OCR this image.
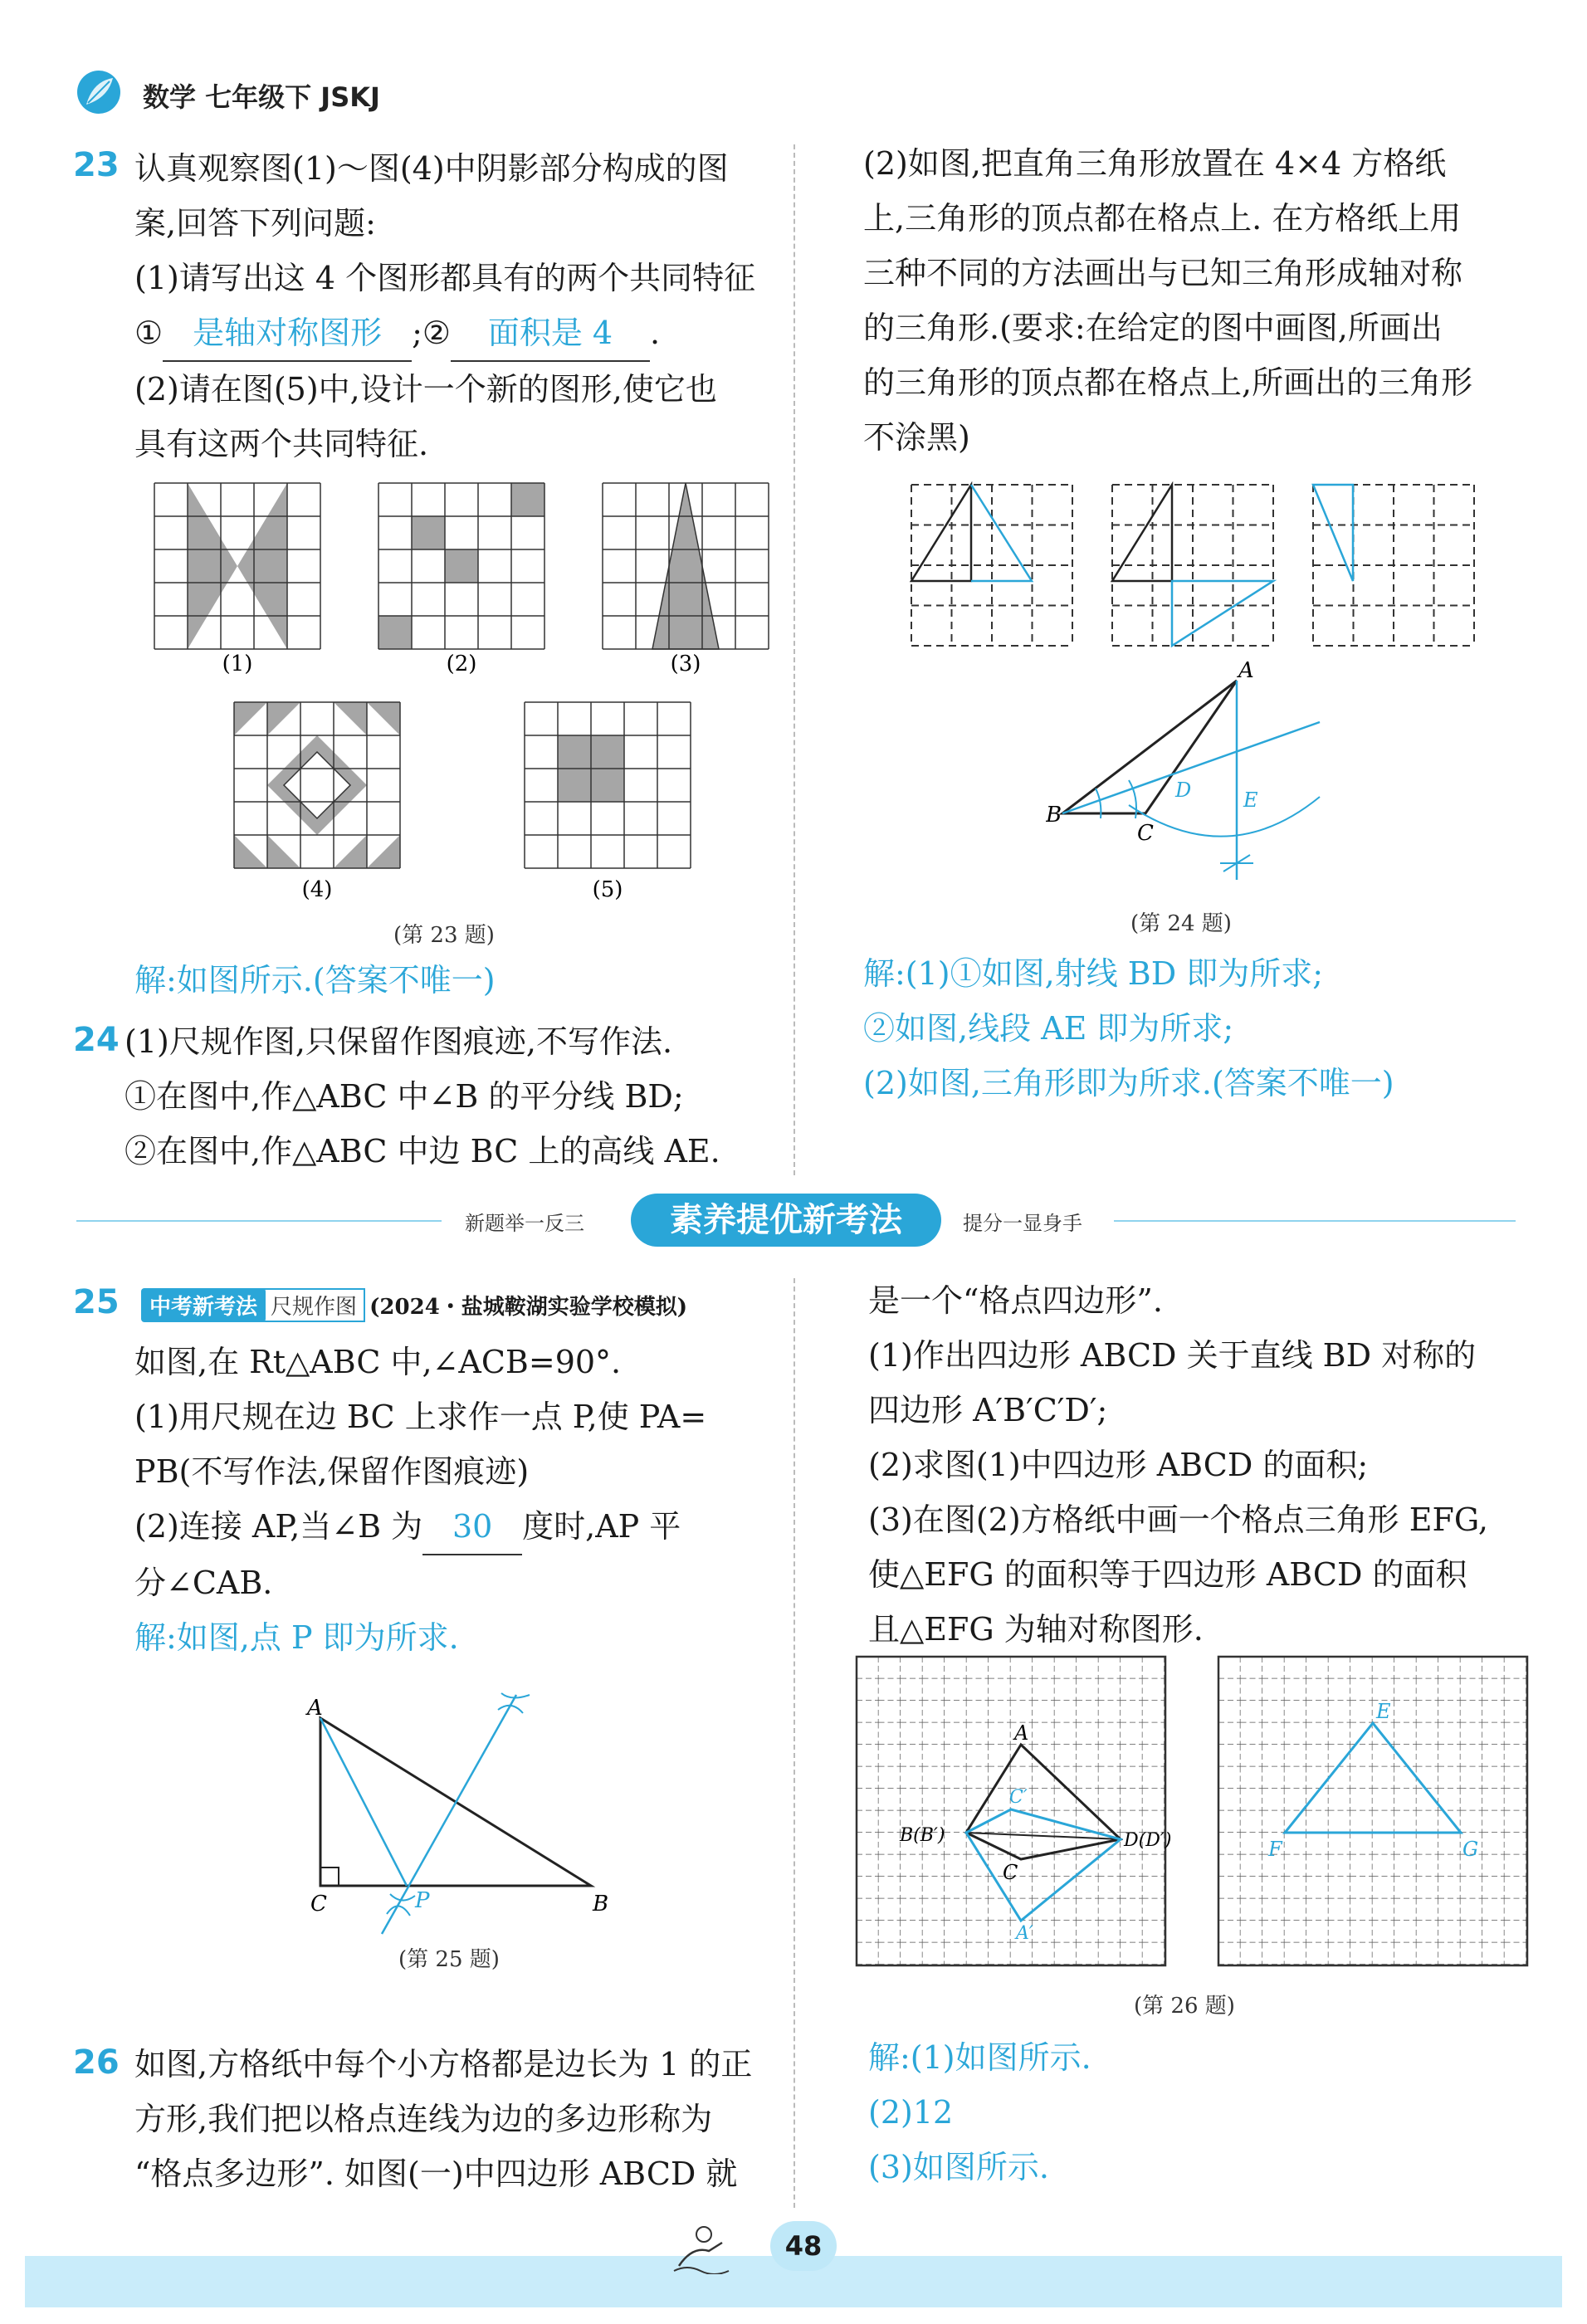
数学 七年级下 JSKJ
23 认真观察图(1)～图(4)中阴影部分构成的图
案,回答下列问题:
(1)请写出这 4 个图形都具有的两个共同特征
① 是轴对称图形 ;② 面积是 4 .
(2)请在图(5)中,设计一个新的图形,使它也
具有这两个共同特征.
(1)	(2)	(3)
(4)	(5)
(第 23 题)
解:如图所示.(答案不唯一)
24 (1)尺规作图,只保留作图痕迹,不写作法.
①在图中,作△ABC 中∠B 的平分线 BD;
②在图中,作△ABC 中边 BC 上的高线 AE.
(2)如图,把直角三角形放置在 4×4 方格纸
上,三角形的顶点都在格点上. 在方格纸上用
三种不同的方法画出与已知三角形成轴对称
的三角形.(要求:在给定的图中画图,所画出
的三角形的顶点都在格点上,所画出的三角形
不涂黑)
A
B
C
D	E
(第 24 题)
解:(1)①如图,射线 BD 即为所求;
②如图,线段 AE 即为所求;
(2)如图,三角形即为所求.(答案不唯一)
新题举一反三	素养提优新考法	提分一显身手
25	中考新考法 尺规作图 (2024・盐城鞍湖实验学校模拟)
如图,在 Rt△ABC 中,∠ACB=90°.
(1)用尺规在边 BC 上求作一点 P,使 PA=
PB(不写作法,保留作图痕迹)
(2)连接 AP,当∠B 为 30 度时,AP 平
分∠CAB.
解:如图,点 P 即为所求.
A
B
C	P
(第 25 题)
26 如图,方格纸中每个小方格都是边长为 1 的正
方形,我们把以格点连线为边的多边形称为
“格点多边形”. 如图(一)中四边形 ABCD 就
是一个“格点四边形”.
(1)作出四边形 ABCD 关于直线 BD 对称的
四边形 A′B′C′D′;
(2)求图(1)中四边形 ABCD 的面积;
(3)在图(2)方格纸中画一个格点三角形 EFG,
使△EFG 的面积等于四边形 ABCD 的面积
且△EFG 为轴对称图形.
A
B(B′)
C
D(D′)
C′
A′
E
F	G
(第 26 题)
解:(1)如图所示.
(2)12
(3)如图所示.
48
